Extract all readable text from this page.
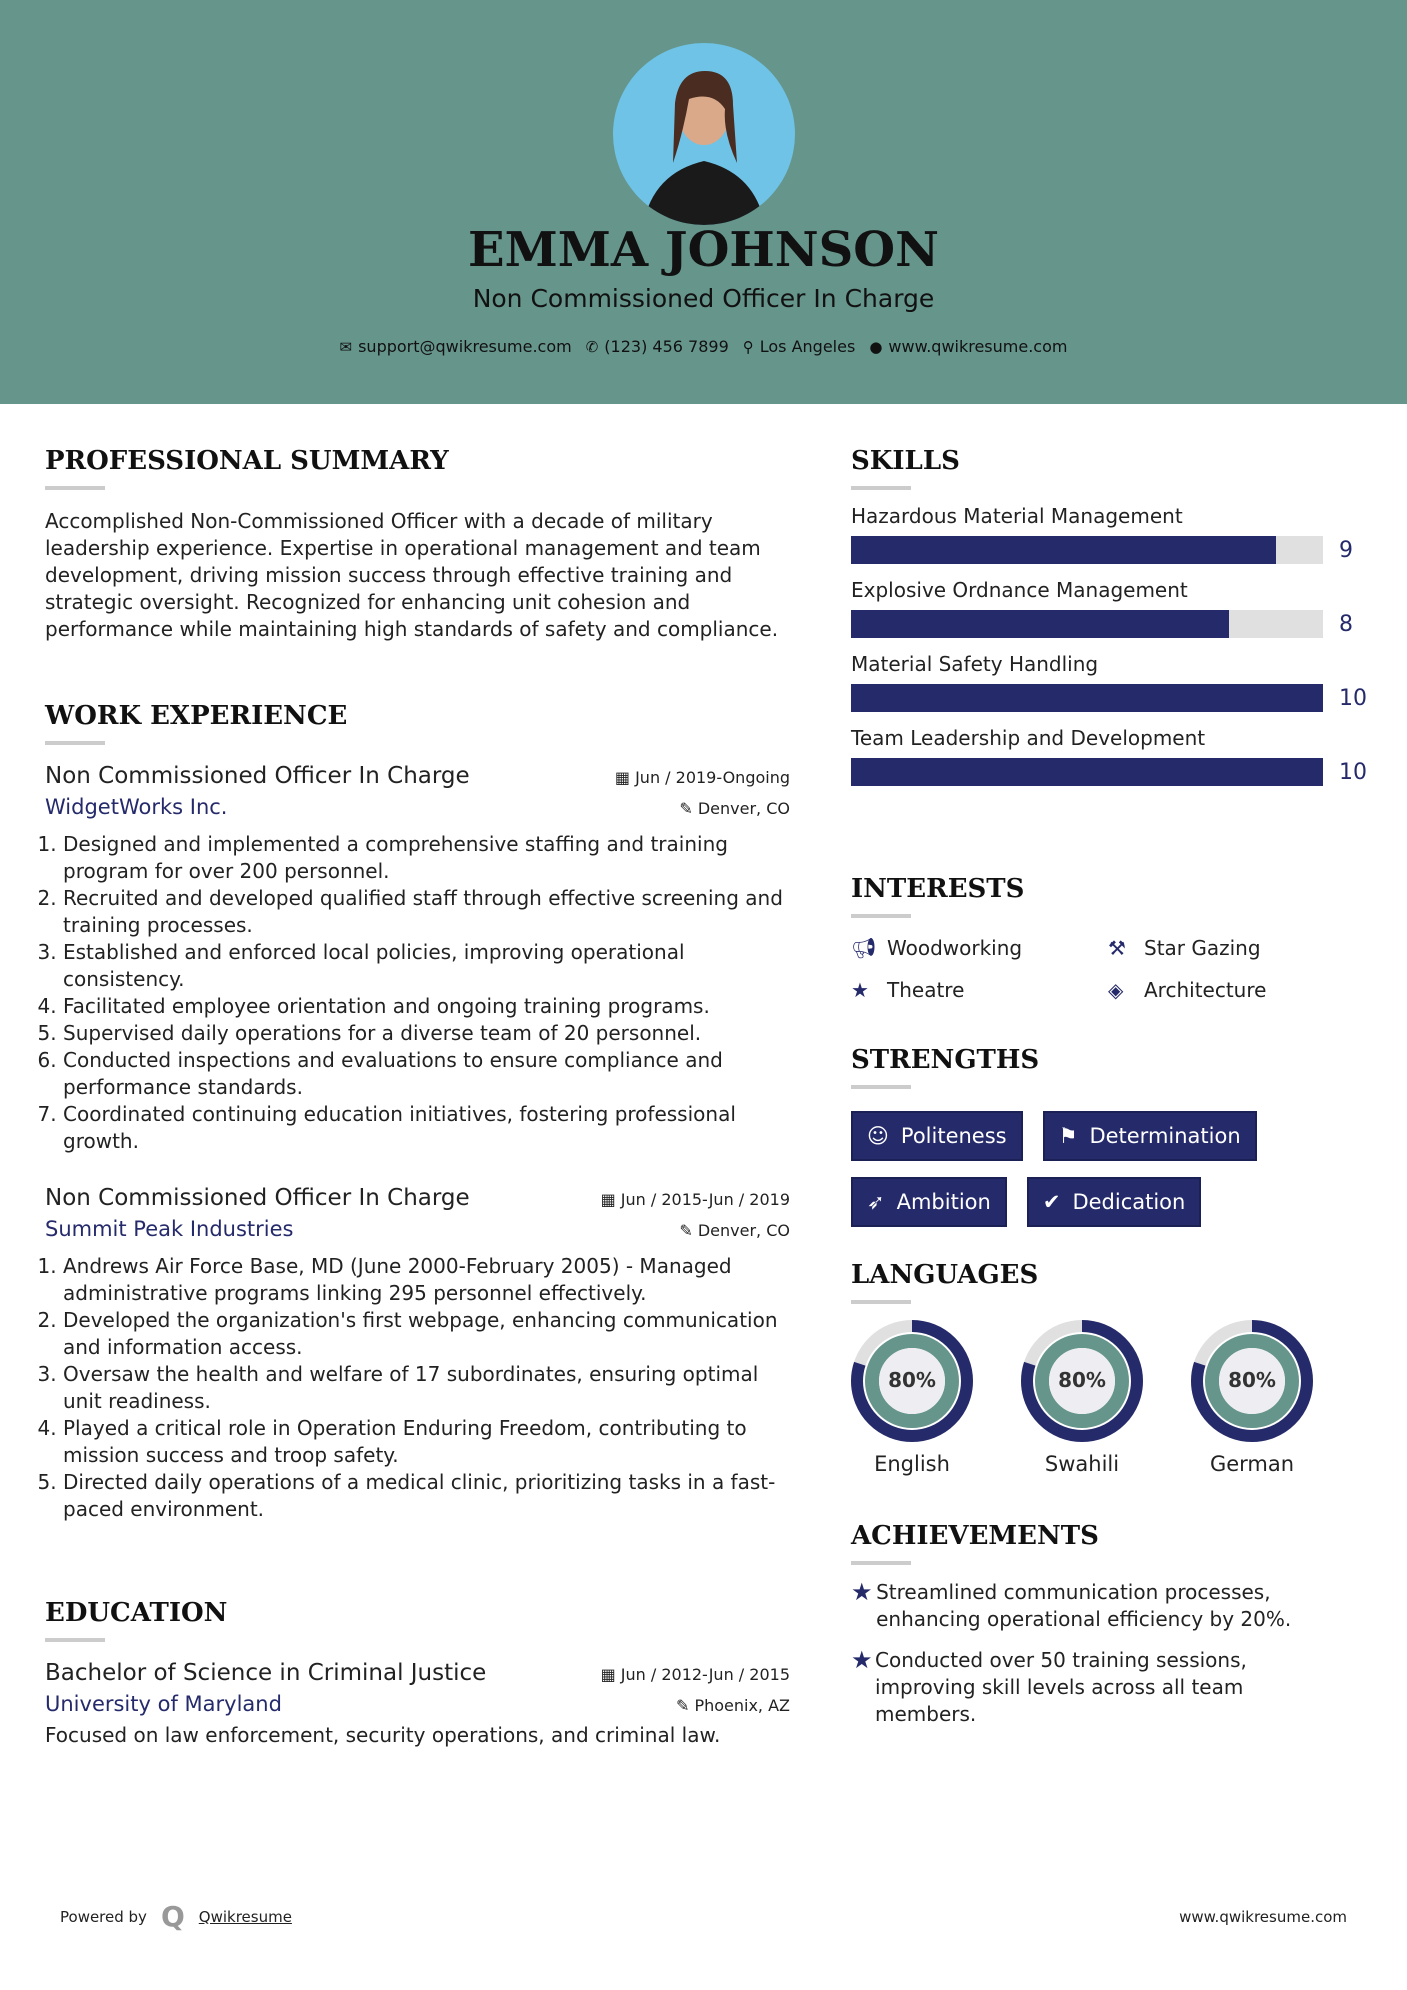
EMMA JOHNSON
Non Commissioned Officer In Charge
✉ support@qwikresume.com ✆ (123) 456 7899 ⚲ Los Angeles ● www.qwikresume.com
PROFESSIONAL SUMMARY
Accomplished Non-Commissioned Officer with a decade of military leadership experience. Expertise in operational management and team development, driving mission success through effective training and strategic oversight. Recognized for enhancing unit cohesion and performance while maintaining high standards of safety and compliance.
WORK EXPERIENCE
Non Commissioned Officer In Charge	▦ Jun / 2019-Ongoing
WidgetWorks Inc.	✎ Denver, CO
1. Designed and implemented a comprehensive staffing and training program for over 200 personnel.
2. Recruited and developed qualified staff through effective screening and training processes.
3. Established and enforced local policies, improving operational consistency.
4. Facilitated employee orientation and ongoing training programs.
5. Supervised daily operations for a diverse team of 20 personnel.
6. Conducted inspections and evaluations to ensure compliance and performance standards.
7. Coordinated continuing education initiatives, fostering professional growth.
Non Commissioned Officer In Charge	▦ Jun / 2015-Jun / 2019
Summit Peak Industries	✎ Denver, CO
1. Andrews Air Force Base, MD (June 2000-February 2005) - Managed administrative programs linking 295 personnel effectively.
2. Developed the organization's first webpage, enhancing communication and information access.
3. Oversaw the health and welfare of 17 subordinates, ensuring optimal unit readiness.
4. Played a critical role in Operation Enduring Freedom, contributing to mission success and troop safety.
5. Directed daily operations of a medical clinic, prioritizing tasks in a fast-paced environment.
EDUCATION
Bachelor of Science in Criminal Justice	▦ Jun / 2012-Jun / 2015
University of Maryland	✎ Phoenix, AZ
Focused on law enforcement, security operations, and criminal law.
SKILLS
Hazardous Material Management
9
Explosive Ordnance Management
8
Material Safety Handling
10
Team Leadership and Development
10
INTERESTS
📢︎ Woodworking	⚒ Star Gazing
★ Theatre	◈ Architecture
STRENGTHS
☺ Politeness ⚑ Determination
➶ Ambition ✔ Dedication
LANGUAGES
80%
English
80%
Swahili
80%
German
ACHIEVEMENTS
★ Streamlined communication processes, enhancing operational efficiency by 20%.
★ Conducted over 50 training sessions, improving skill levels across all team members.
Powered by Q Qwikresume	www.qwikresume.com
